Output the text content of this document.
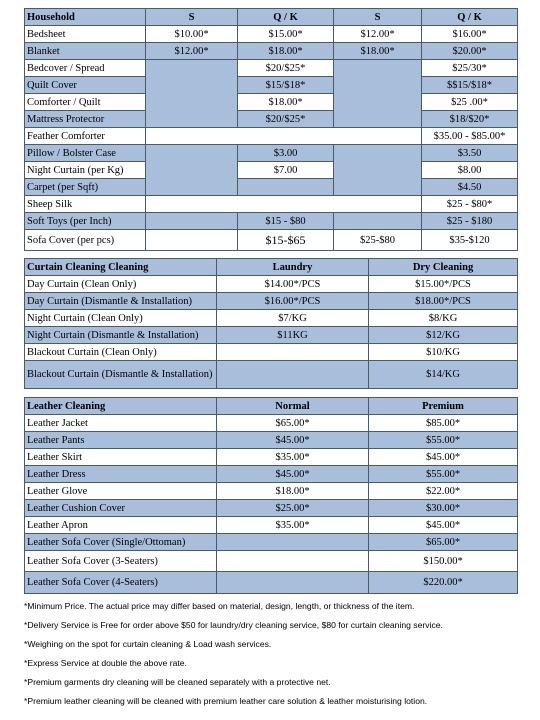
Household	S	Q / K	S	Q / K
Bedsheet	$10.00*	$15.00*	$12.00*	$16.00*
Blanket	$12.00*	$18.00*	$18.00*	$20.00*
Bedcover / Spread		$20/$25*		$25/30*
Quilt Cover		$15/$18*		$$15/$18*
Comforter / Quilt		$18.00*		$25 .00*
Mattress Protector		$20/$25*		$18/$20*
Feather Comforter				$35.00 - $85.00*
Pillow / Bolster Case		$3.00		$3.50
Night Curtain (per Kg)		$7.00		$8.00
Carpet (per Sqft)				$4.50
Sheep Silk				$25 - $80*
Soft Toys (per Inch)		$15 - $80		$25 - $180
Sofa Cover (per pcs)		$15-$65	$25-$80	$35-$120
Curtain Cleaning Cleaning	Laundry	Dry Cleaning
Day Curtain (Clean Only)	$14.00*/PCS	$15.00*/PCS
Day Curtain (Dismantle & Installation)	$16.00*/PCS	$18.00*/PCS
Night Curtain (Clean Only)	$7/KG	$8/KG
Night Curtain (Dismantle & Installation)	$11KG	$12/KG
Blackout Curtain (Clean Only)		$10/KG
Blackout Curtain (Dismantle & Installation)		$14/KG
Leather Cleaning	Normal	Premium
Leather Jacket	$65.00*	$85.00*
Leather Pants	$45.00*	$55.00*
Leather Skirt	$35.00*	$45.00*
Leather Dress	$45.00*	$55.00*
Leather Glove	$18.00*	$22.00*
Leather Cushion Cover	$25.00*	$30.00*
Leather Apron	$35.00*	$45.00*
Leather Sofa Cover (Single/Ottoman)		$65.00*
Leather Sofa Cover (3-Seaters)		$150.00*
Leather Sofa Cover (4-Seaters)		$220.00*
*Minimum Price. The actual price may differ based on material, design, length, or thickness of the item.
*Delivery Service is Free for order above $50 for laundry/dry cleaning service, $80 for curtain cleaning service.
*Weighing on the spot for curtain cleaning & Load wash services.
*Express Service at double the above rate.
*Premium garments dry cleaning will be cleaned separately with a protective net.
*Premium leather cleaning will be cleaned with premium leather care solution & leather moisturising lotion.
